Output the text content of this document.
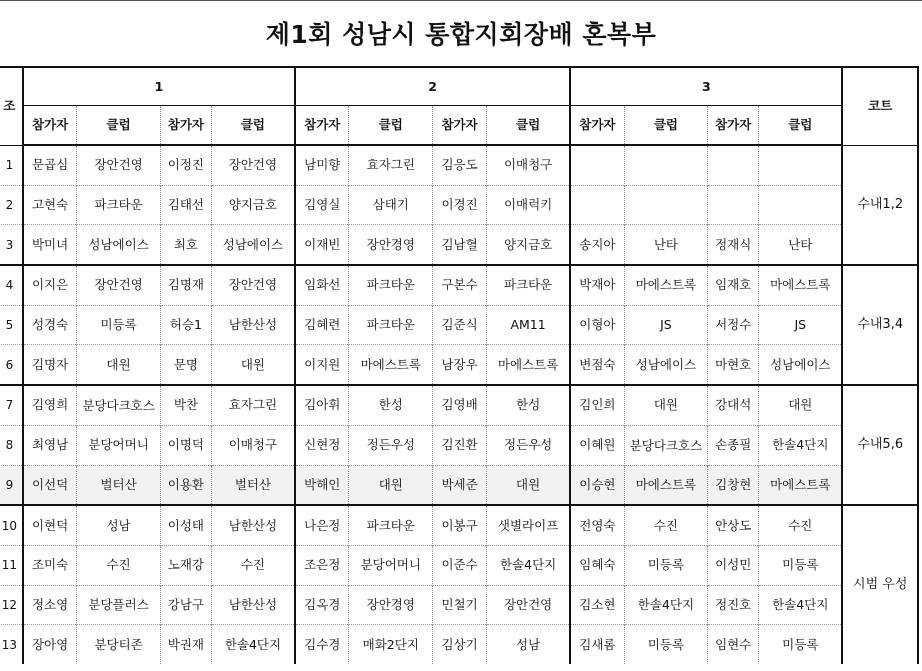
제1회 성남시 통합지회장배 혼복부
조	1				2				3				코트
	참가자	클럽	참가자	클럽	참가자	클럽	참가자	클럽	참가자	클럽	참가자	클럽	
1	문곱심	장안건영	이정진	장안건영	남미향	효자그린	김응도	이매청구					수내1,2
2	고현숙	파크타운	김태선	양지금호	김영실	삼태기	이경진	이매럭키					
3	박미녀	성남에이스	최호	성남에이스	이재빈	장안경영	김남혈	양지금호	송지아	난타	정재식	난타	
4	이지은	장안건영	김명재	장안건영	임화선	파크타운	구본수	파크타운	박재아	마에스트록	임재호	마에스트록	수내3,4
5	성경숙	미등록	허승1	남한산성	김혜련	파크타운	김준식	AM11	이형아	JS	서정수	JS	
6	김명자	대원	문명	대원	이지원	마에스트록	남장우	마에스트록	변점숙	성남에이스	마현호	성남에이스	
7	김영희	분당다크호스	박찬	효자그린	김아휘	한성	김영배	한성	김인희	대원	강대석	대원	수내5,6
8	최영남	분당어머니	이명덕	이매청구	신현정	정든우성	김진환	정든우성	이혜원	분당다크호스	손종필	한솔4단지	
9	이선덕	벌터산	이용환	벌터산	박해인	대원	박세준	대원	이승현	마에스트록	김창현	마에스트록	
10	이현덕	성남	이성태	남한산성	나은정	파크타운	이봉구	샛별라이프	전영숙	수진	안상도	수진	시범 우성
11	조미숙	수진	노재강	수진	조은정	분당어머니	이준수	한솔4단지	임혜숙	미등록	이성민	미등록	
12	정소영	분당플러스	강남구	남한산성	김옥경	장안경영	민철기	장안건영	김소현	한솔4단지	정진호	한솔4단지	
13	장아영	분당티존	박권재	한솔4단지	김수경	매화2단지	김상기	성남	김새롬	미등록	임현수	미등록	
